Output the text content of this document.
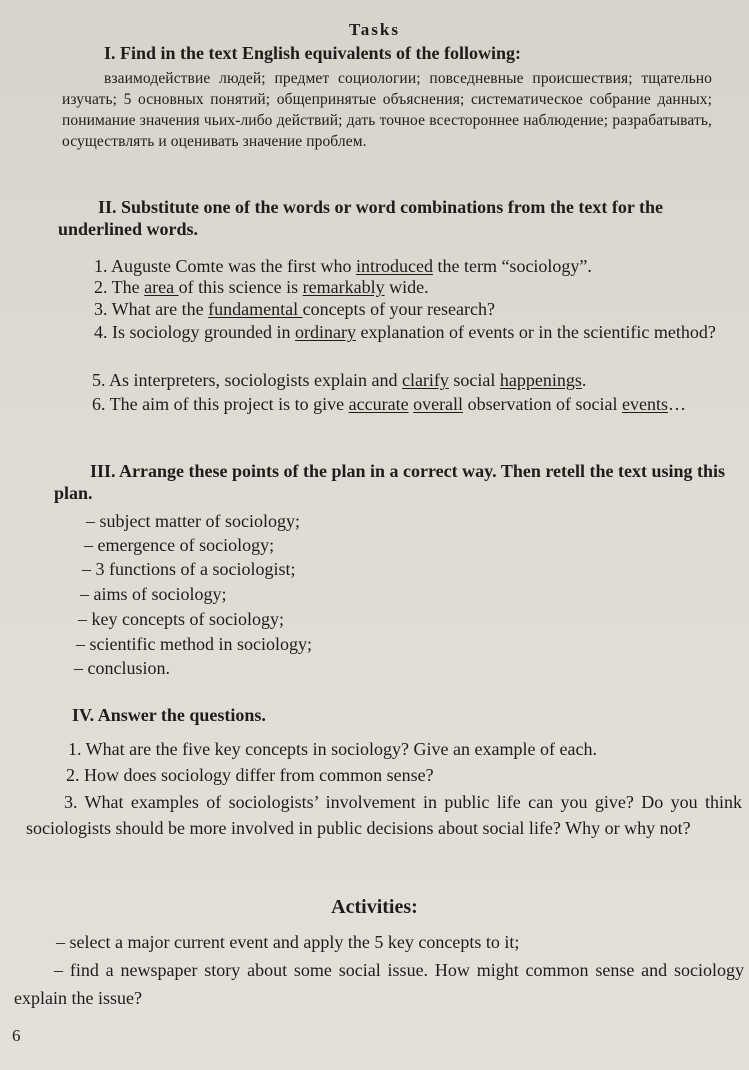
Tasks
I. Find in the text English equivalents of the following:
взаимодействие людей; предмет социологии; повседневные происшествия; тщательно изучать; 5 основных понятий; общепринятые объяснения; систематическое собрание данных; понимание значения чьих-либо действий; дать точное всестороннее наблюдение; разрабатывать, осуществлять и оценивать значение проблем.
II. Substitute one of the words or word combinations from the text for the underlined words.
1. Auguste Comte was the first who introduced the term “sociology”.
2. The area of this science is remarkably wide.
3. What are the fundamental concepts of your research?
4. Is sociology grounded in ordinary explanation of events or in the scientific method?
5. As interpreters, sociologists explain and clarify social happenings.
6. The aim of this project is to give accurate overall observation of social events…
III. Arrange these points of the plan in a correct way. Then retell the text using this plan.
– subject matter of sociology;
– emergence of sociology;
– 3 functions of a sociologist;
– aims of sociology;
– key concepts of sociology;
– scientific method in sociology;
– conclusion.
IV. Answer the questions.
1. What are the five key concepts in sociology? Give an example of each.
2. How does sociology differ from common sense?
3. What examples of sociologists’ involvement in public life can you give? Do you think sociologists should be more involved in public decisions about social life? Why or why not?
Activities:
– select a major current event and apply the 5 key concepts to it;
– find a newspaper story about some social issue. How might common sense and sociology explain the issue?
6
